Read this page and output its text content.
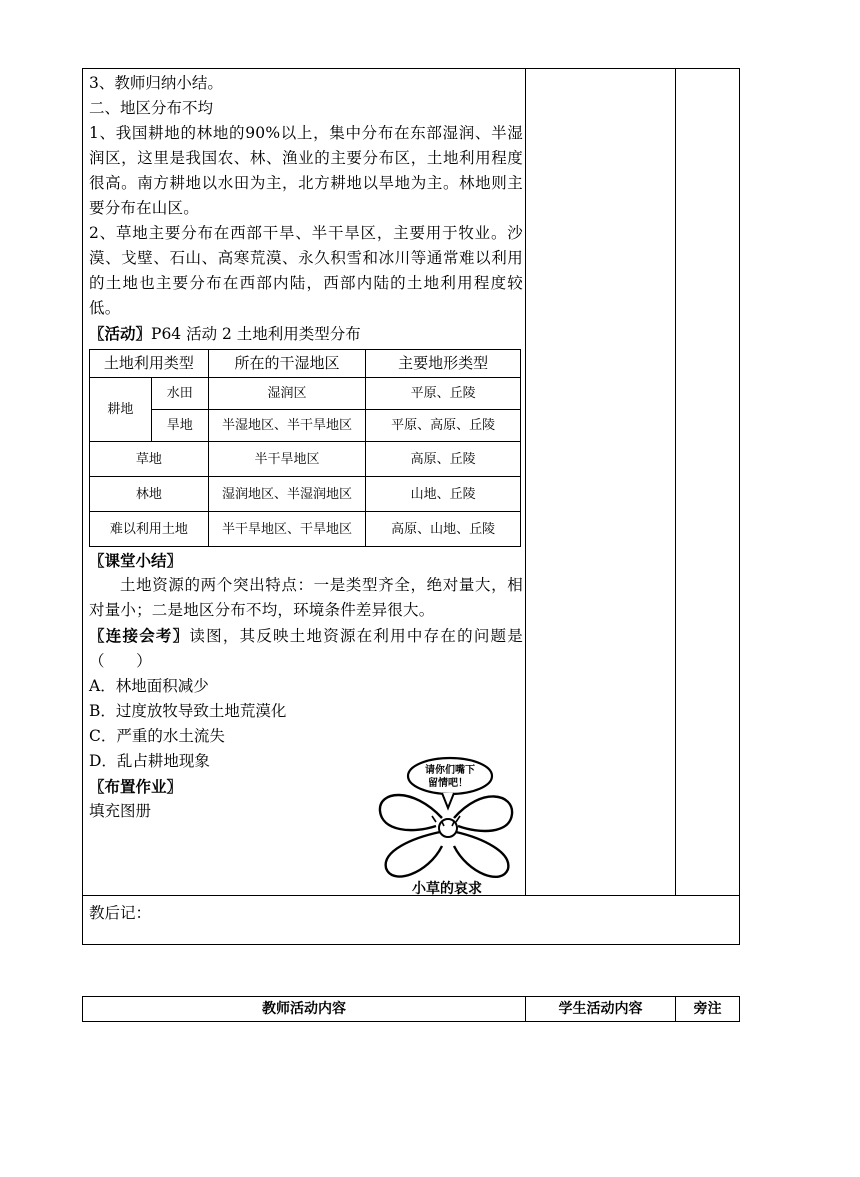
3、教师归纳小结。

二、地区分布不均

1、我国耕地的林地的90%以上，集中分布在东部湿润、半湿润区，这里是我国农、林、渔业的主要分布区，土地利用程度很高。南方耕地以水田为主，北方耕地以旱地为主。林地则主要分布在山区。

2、草地主要分布在西部干旱、半干旱区，主要用于牧业。沙漠、戈壁、石山、高寒荒漠、永久积雪和冰川等通常难以利用的土地也主要分布在西部内陆，西部内陆的土地利用程度较低。

〖活动〗P64 活动 2 土地利用类型分布

土地利用类型		所在的干湿地区	主要地形类型
耕地	水田	湿润区	平原、丘陵
	旱地	半湿地区、半干旱地区	平原、高原、丘陵
草地		半干旱地区	高原、丘陵
林地		湿润地区、半湿润地区	山地、丘陵
难以利用土地		半干旱地区、干旱地区	高原、山地、丘陵

〖课堂小结〗

土地资源的两个突出特点：一是类型齐全，绝对量大，相对量小；二是地区分布不均，环境条件差异很大。

〖连接会考〗读图，其反映土地资源在利用中存在的问题是（　　）

A．林地面积减少

B．过度放牧导致土地荒漠化

C．严重的水土流失

D．乱占耕地现象

〖布置作业〗

填充图册

教后记：
请你们嘴下
留情吧！
小草的哀求
教师活动内容	学生活动内容	旁注
